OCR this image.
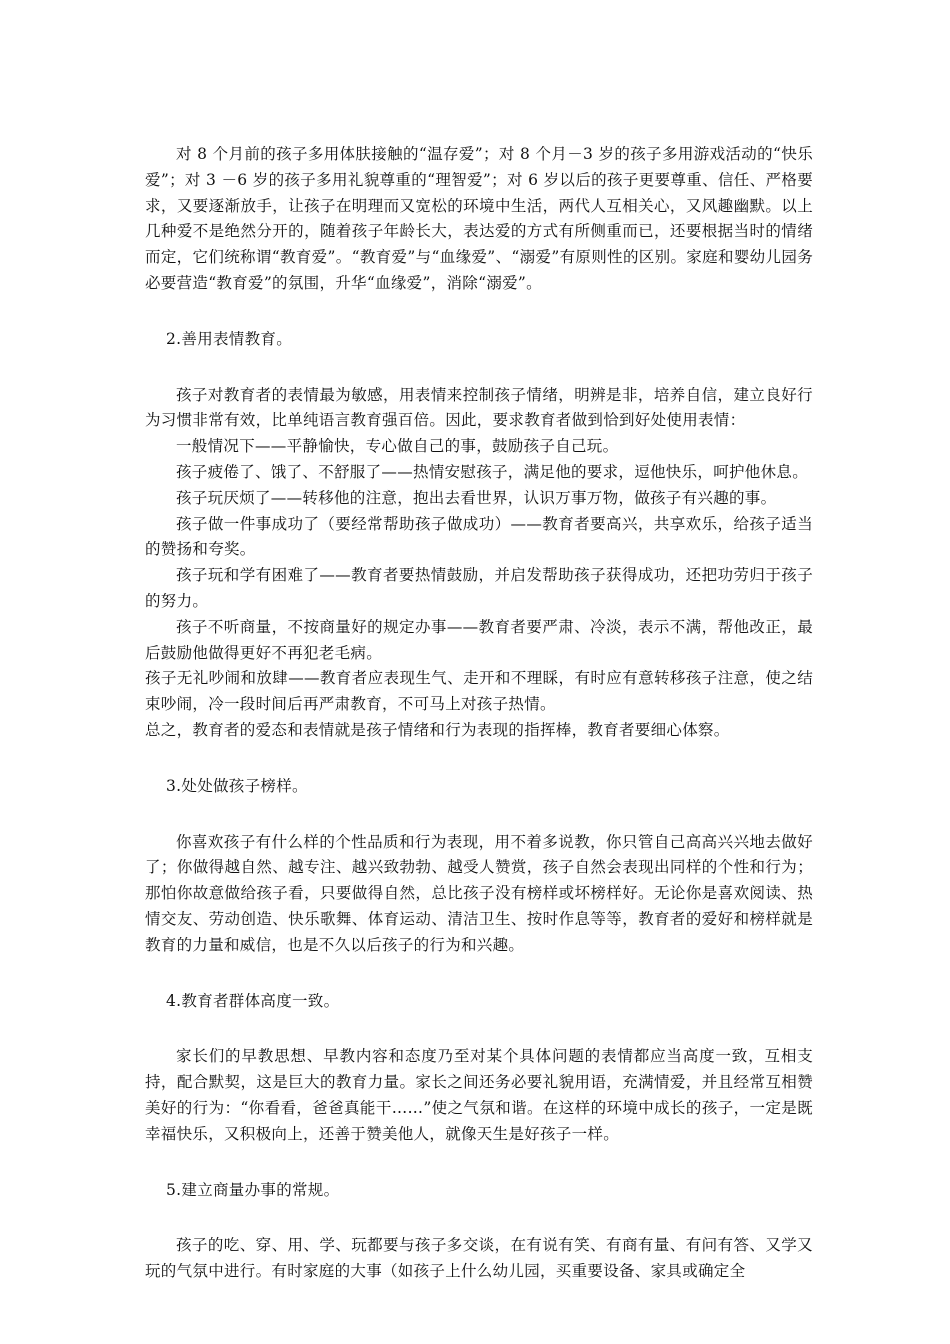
对 8 个月前的孩子多用体肤接触的“温存爱”；对 8 个月－3 岁的孩子多用游戏活动的“快乐爱”；对 3 －6 岁的孩子多用礼貌尊重的“理智爱”；对 6 岁以后的孩子更要尊重、信任、严格要求，又要逐渐放手，让孩子在明理而又宽松的环境中生活，两代人互相关心，又风趣幽默。以上几种爱不是绝然分开的，随着孩子年龄长大，表达爱的方式有所侧重而已，还要根据当时的情绪而定，它们统称谓“教育爱”。“教育爱”与“血缘爱”、“溺爱”有原则性的区别。家庭和婴幼儿园务必要营造“教育爱”的氛围，升华“血缘爱”，消除“溺爱”。

2.善用表情教育。

孩子对教育者的表情最为敏感，用表情来控制孩子情绪，明辨是非，培养自信，建立良好行为习惯非常有效，比单纯语言教育强百倍。因此，要求教育者做到恰到好处使用表情：

一般情况下——平静愉快，专心做自己的事，鼓励孩子自己玩。

孩子疲倦了、饿了、不舒服了——热情安慰孩子，满足他的要求，逗他快乐，呵护他休息。

孩子玩厌烦了——转移他的注意，抱出去看世界，认识万事万物，做孩子有兴趣的事。

孩子做一件事成功了（要经常帮助孩子做成功）——教育者要高兴，共享欢乐，给孩子适当的赞扬和夸奖。

孩子玩和学有困难了——教育者要热情鼓励，并启发帮助孩子获得成功，还把功劳归于孩子的努力。

孩子不听商量，不按商量好的规定办事——教育者要严肃、冷淡，表示不满，帮他改正，最后鼓励他做得更好不再犯老毛病。

孩子无礼吵闹和放肆——教育者应表现生气、走开和不理睬，有时应有意转移孩子注意，使之结束吵闹，冷一段时间后再严肃教育，不可马上对孩子热情。

总之，教育者的爱态和表情就是孩子情绪和行为表现的指挥棒，教育者要细心体察。

3.处处做孩子榜样。

你喜欢孩子有什么样的个性品质和行为表现，用不着多说教，你只管自己高高兴兴地去做好了；你做得越自然、越专注、越兴致勃勃、越受人赞赏，孩子自然会表现出同样的个性和行为；那怕你故意做给孩子看，只要做得自然，总比孩子没有榜样或坏榜样好。无论你是喜欢阅读、热情交友、劳动创造、快乐歌舞、体育运动、清洁卫生、按时作息等等，教育者的爱好和榜样就是教育的力量和威信，也是不久以后孩子的行为和兴趣。

4.教育者群体高度一致。

家长们的早教思想、早教内容和态度乃至对某个具体问题的表情都应当高度一致，互相支持，配合默契，这是巨大的教育力量。家长之间还务必要礼貌用语，充满情爱，并且经常互相赞美好的行为：“你看看，爸爸真能干……”使之气氛和谐。在这样的环境中成长的孩子，一定是既幸福快乐，又积极向上，还善于赞美他人，就像天生是好孩子一样。

5.建立商量办事的常规。

孩子的吃、穿、用、学、玩都要与孩子多交谈，在有说有笑、有商有量、有问有答、又学又玩的气氛中进行。有时家庭的大事（如孩子上什么幼儿园，买重要设备、家具或确定全
